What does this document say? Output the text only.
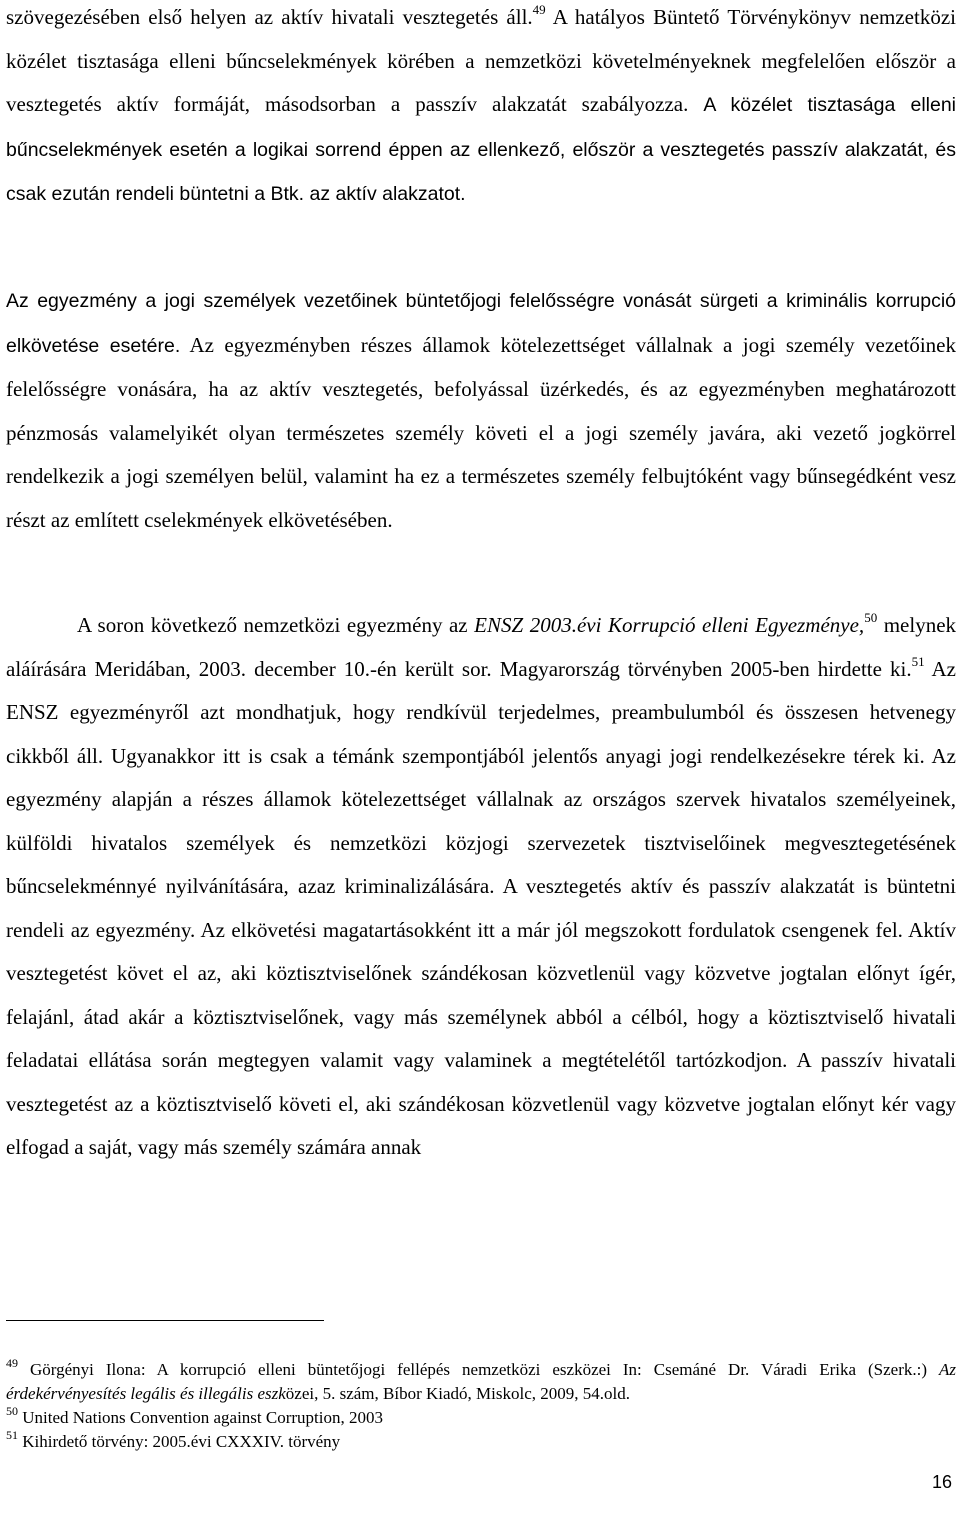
szövegezésében első helyen az aktív hivatali vesztegetés áll.$^{49}$ A hatályos Büntető Törvénykönyv nemzetközi közélet tisztasága elleni bűncselekmények körében a nemzetközi követelményeknek megfelelően először a vesztegetés aktív formáját, másodsorban a passzív alakzatát szabályozza. A közélet tisztasága elleni bűncselekmények esetén a logikai sorrend éppen az ellenkező, először a vesztegetés passzív alakzatát, és csak ezután rendeli büntetni a Btk. az aktív alakzatot.

Az egyezmény a jogi személyek vezetőinek büntetőjogi felelősségre vonását sürgeti a kriminális korrupció elkövetése esetére. Az egyezményben részes államok kötelezettséget vállalnak a jogi személy vezetőinek felelősségre vonására, ha az aktív vesztegetés, befolyással üzérkedés, és az egyezményben meghatározott pénzmosás valamelyikét olyan természetes személy követi el a jogi személy javára, aki vezető jogkörrel rendelkezik a jogi személyen belül, valamint ha ez a természetes személy felbujtóként vagy bűnsegédként vesz részt az említett cselekmények elkövetésében.

A soron következő nemzetközi egyezmény az ENSZ 2003.évi Korrupció elleni Egyezménye,$^{50}$ melynek aláírására Meridában, 2003. december 10.-én került sor. Magyarország törvényben 2005-ben hirdette ki.$^{51}$ Az ENSZ egyezményről azt mondhatjuk, hogy rendkívül terjedelmes, preambulumból és összesen hetvenegy cikkből áll. Ugyanakkor itt is csak a témánk szempontjából jelentős anyagi jogi rendelkezésekre térek ki. Az egyezmény alapján a részes államok kötelezettséget vállalnak az országos szervek hivatalos személyeinek, külföldi hivatalos személyek és nemzetközi közjogi szervezetek tisztviselőinek megvesztegetésének bűncselekménnyé nyilvánítására, azaz kriminalizálására. A vesztegetés aktív és passzív alakzatát is büntetni rendeli az egyezmény. Az elkövetési magatartásokként itt a már jól megszokott fordulatok csengenek fel. Aktív vesztegetést követ el az, aki köztisztviselőnek szándékosan közvetlenül vagy közvetve jogtalan előnyt ígér, felajánl, átad akár a köztisztviselőnek, vagy más személynek abból a célból, hogy a köztisztviselő hivatali feladatai ellátása során megtegyen valamit vagy valaminek a megtételétől tartózkodjon. A passzív hivatali vesztegetést az a köztisztviselő követi el, aki szándékosan közvetlenül vagy közvetve jogtalan előnyt kér vagy elfogad a saját, vagy más személy számára annak

$^{49}$ Görgényi Ilona: A korrupció elleni büntetőjogi fellépés nemzetközi eszközei In: Csemáné Dr. Váradi Erika (Szerk.:) Az érdekérvényesítés legális és illegális eszközei, 5. szám, Bíbor Kiadó, Miskolc, 2009, 54.old.

$^{50}$ United Nations Convention against Corruption, 2003

$^{51}$ Kihirdető törvény: 2005.évi CXXXIV. törvény

16
